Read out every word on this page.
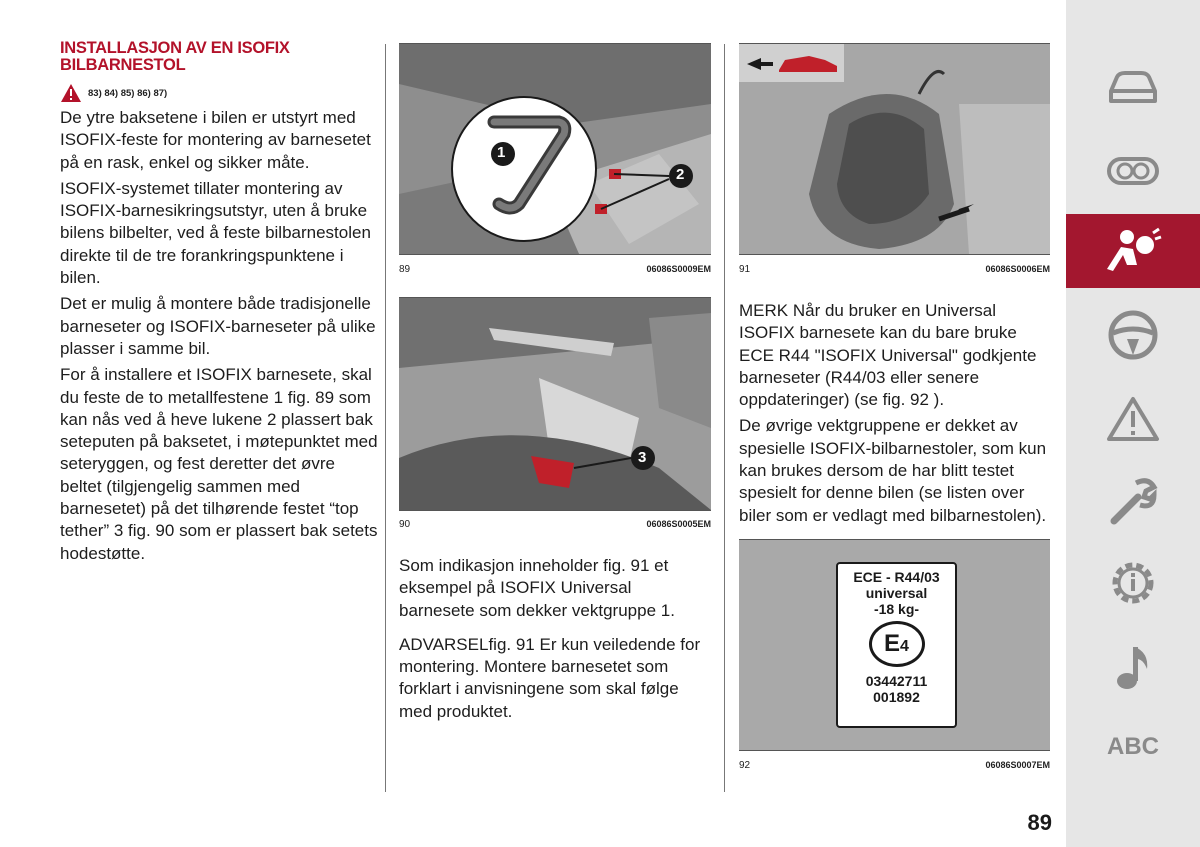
INSTALLASJON AV EN ISOFIX BILBARNESTOL
83) 84) 85) 86) 87)

De ytre baksetene i bilen er utstyrt med ISOFIX-feste for montering av barnesetet på en rask, enkel og sikker måte.

ISOFIX-systemet tillater montering av ISOFIX-barnesikringsutstyr, uten å bruke bilens bilbelter, ved å feste bilbarnestolen direkte til de tre forankringspunktene i bilen.

Det er mulig å montere både tradisjonelle barneseter og ISOFIX-barneseter på ulike plasser i samme bil.

For å installere et ISOFIX barnesete, skal du feste de to metallfestene 1 fig. 89 som kan nås ved å heve lukene 2 plassert bak seteputen på baksetet, i møtepunktet med seteryggen, og fest deretter det øvre beltet (tilgjengelig sammen med barnesetet) på det tilhørende festet “top tether” 3 fig. 90 som er plassert bak setets hodestøtte.

1
2
89	06086S0009EM
3
90	06086S0005EM

Som indikasjon inneholder fig. 91 et eksempel på ISOFIX Universal barnesete som dekker vektgruppe 1.

ADVARSELfig. 91 Er kun veiledende for montering. Montere barnesetet som forklart i anvisningene som skal følge med produktet.

91	06086S0006EM

MERK Når du bruker en Universal ISOFIX barnesete kan du bare bruke ECE R44 "ISOFIX Universal" godkjente barneseter (R44/03 eller senere oppdateringer) (se fig. 92 ).

De øvrige vektgruppene er dekket av spesielle ISOFIX-bilbarnestoler, som kun kan brukes dersom de har blitt testet spesielt for denne bilen (se listen over biler som er vedlagt med bilbarnestolen).

ECE - R44/03
universal
-18 kg-
E 4
03442711
001892
92	06086S0007EM
89
ABC
